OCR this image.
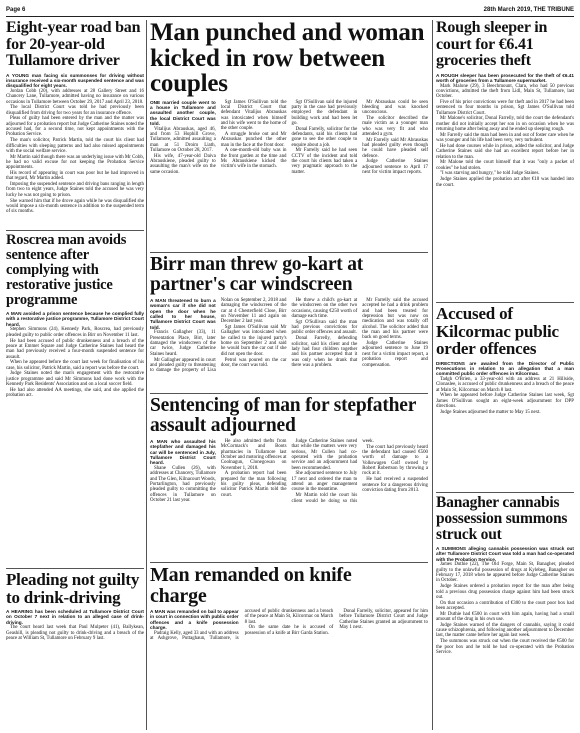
Page 6	28th March 2019, THE TRIBUNE
Eight-year road ban for 20-year-old Tullamore driver

A YOUNG man facing six summonses for driving without insurance received a six-month suspended sentence and was disqualified for eight years.

Jordan Cobb (20), with addresses at 28 Gallery Street and 16 Chancery Lane, Tullamore, admitted having no insurance on various occasions in Tullamore between October 29, 2017 and April 23, 2018.

The local District Court was told he had previously been disqualified from driving for two years for an insurance offence.

Pleas of guilty had been entered by the man and the matter was adjourned for a probation report but Judge Catherine Staines noted the accused had, for a second time, not kept appointments with the Probation Service.

The man's solicitor, Patrick Martin, told the court his client had difficulties with sleeping patterns and had also missed appointments with the social welfare service.

Mr Martin said though there was an underlying issue with Mr Cobb, he had no valid excuse for not keeping the Probation Service appointments.

His record of appearing in court was poor but he had improved in that regard, Mr Martin added.

Imposing the suspended sentence and driving bans ranging in length from two to eight years, Judge Staines told the accused he was very lucky he was not going to prison.

She warned him that if he drove again while he was disqualified she would impose a six-month sentence in addition to the suspended term of six months.

Roscrea man avoids sentence after complying with restorative justice programme

A MAN avoided a prison sentence because he complied fully with a restorative justice programme, Tullamore District Court heard.

Stephen Simmons (24), Kennedy Park, Roscrea, had previously pleaded guilty to public order offences in Birr on November 11 last.

He had been accused of public drunkenness and a breach of the peace at Emmet Square and Judge Catherine Staines had heard the man had previously received a four-month suspended sentence for assault.

When he appeared before the court last week for finalisation of his case, his solicitor, Patrick Martin, said a report was before the court.

Judge Staines noted the man's engagement with the restorative justice programme and said Mr Simmons had done work with the Kennedy Park Residents' Association and on a local soccer field.

He had also attended AA meetings, she said, and she applied the probation act.

Pleading not guilty to drink-driving

A HEARING has been scheduled at Tullamore District Court on October 7 next in relation to an alleged case of drink-driving.

The court heard last week that Paul Mulpeter (41), Ballykean, Geashill, is pleading not guilty to drink-driving and a breach of the peace at William St, Tullamore on February 9 last.

Man punched and woman kicked in row between couples

ONE married couple went to a house in Tullamore and assaulted another couple, the local District Court was told.

Vitalijus Abrauskas, aged 46, and from 53 Hophill Grove, Tullamore, admitted assaulting a man at 51 Droim Liath, Tullamore on October 28, 2017.

His wife, 47-year-old Daiva Abrauskiene, pleaded guilty to assaulting the man's wife on the same occasion.

Sgt James O'Sullivan told the local District Court that defendant Vitalijus Abrauskas was intoxicated when himself and his wife went to the home of the other couple.

A struggle broke out and Mr Abrauskas punched the other man in the face at the front door.

A one-month-old baby was in the front garden at the time and Ms Abrauskiene kicked the victim's wife in the stomach.

Sgt O'Sullivan said the injured party in the case had previously employed the defendant in building work and had been let go.

Donal Farrelly, solicitor for the defendants, said his clients had gone to see the other couple to enquire about a job.

Mr Farrelly said he had seen CCTV of the incident and told the court his clients had taken a very pragmatic approach to the matter.

Mr Abrauskas could be seen bleeding and was knocked unconscious.

The solicitor described the male victim as a younger man who was very fit and who attended a gym.

Mr Farrelly said Mr Abrauskas had pleaded guilty even though he could have pleaded self defence.

Judge Catherine Staines adjourned sentence to April 17 next for victim impact reports.

Birr man threw go-kart at partner's car windscreen

A MAN threatened to burn a woman's car if she did not open the door when he called to her house, Tullamore District Court was told.

Francis Gallagher (33), 11 Presentation Place, Birr, later damaged the windscreen of the car twice, Judge Catherine Staines heard.

Mr Gallagher appeared in court and pleaded guilty to threatening to damage the property of Lisa Nolan on September 2, 2018 and damaging the windscreen of the car at 4 Chesterfield Close, Birr on November 11 and again on December 2 last year.

Sgt James O'Sullivan said Mr Gallagher was intoxicated when he called to the injured party's home on September 2 and said he would burn the car out if she did not open the door.

Petrol was poured on the car door, the court was told.

He threw a child's go-kart at the windscreen on the other two occasions, causing €250 worth of damage each time.

Sgt O'Sullivan said the man had previous convictions for public order offences and assault.

Donal Farrelly, defending solicitor, said his client and the lady had four children together and his partner accepted that it was only when he drank that there was a problem.

Mr Farrelly said the accused accepted he had a drink problem and had been treated for depression but was now on medication and was totally off alcohol. The solicitor added that the man and his partner were back on good terms.

Judge Catherine Staines adjourned sentence to June 19 next for a victim impact report, a probation report and compensation.

Sentencing of man for stepfather assault adjourned

A MAN who assaulted his stepfather and damaged his car will be sentenced in July, Tullamore District Court heard.

Shane Cullen (26), with addresses at Chancery, Tullamore and The Glen, Kilnacourt Woods, Portarlington, had previously pleaded guilty to committing the offences in Tullamore on October 21 last year.

He also admitted thefts from McCormack's and Boots pharmacies in Tullamore last October and motoring offences at Coolnagun, Clonegowan on November 1, 2018.

A probation report had been prepared for the man following his guilty pleas, defending solicitor Patrick Martin told the court.

Judge Catherine Staines noted that while the matters were very serious, Mr Cullen had co-operated with the probation service and an adjournment had been recommended.

She adjourned sentence to July 17 next and ordered the man to attend an anger management course in the meantime.

Mr Martin told the court his client would be doing so this week.

The court had previously heard the defendant had caused €500 worth of damage to a Volkswagen Golf owned by Robert Robertson by throwing a rock at it.

He had received a suspended sentence for a dangerous driving conviction dating from 2013.

Man remanded on knife charge

A MAN was remanded on bail to appear in court in connection with public order offences and a knife possession charge.

Padraig Kelly, aged 33 and with an address at Ashgrove, Puttaghaun, Tullamore, is accused of public drunkenness and a breach of the peace at Main St, Kilcormac on March 8 last.

On the same date he is accused of possession of a knife at Birr Garda Station.

Donal Farrelly, solicitor, appeared for him before Tullamore District Court and Judge Catherine Staines granted an adjournment to May 1 next.

Rough sleeper in court for €6.41 groceries theft

A ROUGH sleeper has been prosecuted for the theft of €6.41 worth of groceries from a Tullamore supermarket.

Mark Malone (29), 3 Beechmount, Clara, who had 50 previous convictions, admitted the theft from Lidl, Main St, Tullamore, last October.

Five of his prior convictions were for theft and in 2017 he had been sentenced to four months in prison, Sgt James O'Sullivan told Tullamore District Court.

Mr Malone's solicitor, Donal Farrelly, told the court the defendant's mother did not initially accept her son in on occasion when he was returning home after being away and he ended up sleeping rough.

Mr Farrelly said the man had been in and out of foster care when he was younger and his life had been very, very turbulent.

He had done courses while in prison, added the solicitor, and Judge Catherine Staines said she had an excellent report before her in relation to the man.

Mr Malone told the court himself that it was "only a packet of cookies" he had stolen.

"I was starving and hungry," he told Judge Staines.

Judge Staines applied the probation act after €10 was handed into the court.

Accused of Kilcormac public order offences

DIRECTIONS are awaited from the Director of Public Prosecutions in relation to an allegation that a man committed public order offences in Kilcormac.

Tadgh O'Brien, a 33-year-old with an address at 21 Hillside, Clonaslee, is accused of public drunkenness and a breach of the peace at Main St, Kilcormac on March 8 last.

When he appeared before Judge Catherine Staines last week, Sgt James O'Sullivan sought an eight-week adjournment for DPP directions.

Judge Staines adjourned the matter to May 15 next.

Banagher cannabis possession summons struck out

A SUMMONS alleging cannabis possession was struck out after Tullamore District Court was told a man had co-operated with the Probation Service.

James Duthie (22), The Old Forge, Main St, Banagher, pleaded guilty to the unlawful possession of drugs at Kylebeg, Banagher on February 17, 2018 when he appeared before Judge Catherine Staines in October.

Judge Staines ordered a probation report for the man after being told a previous drug possession charge against him had been struck out.

On that occasion a contribution of €300 to the court poor box had been accepted.

Mr Duthie had €500 in court with him again, having had a small amount of the drug in his own use.

Judge Staines warned of the dangers of cannabis, saying it could cause schizophrenia, and following another adjournment to December last, the matter came before her again last week.

The summons was struck out when the court received the €500 for the poor box and he told he had co-operated with the Probation Service.
